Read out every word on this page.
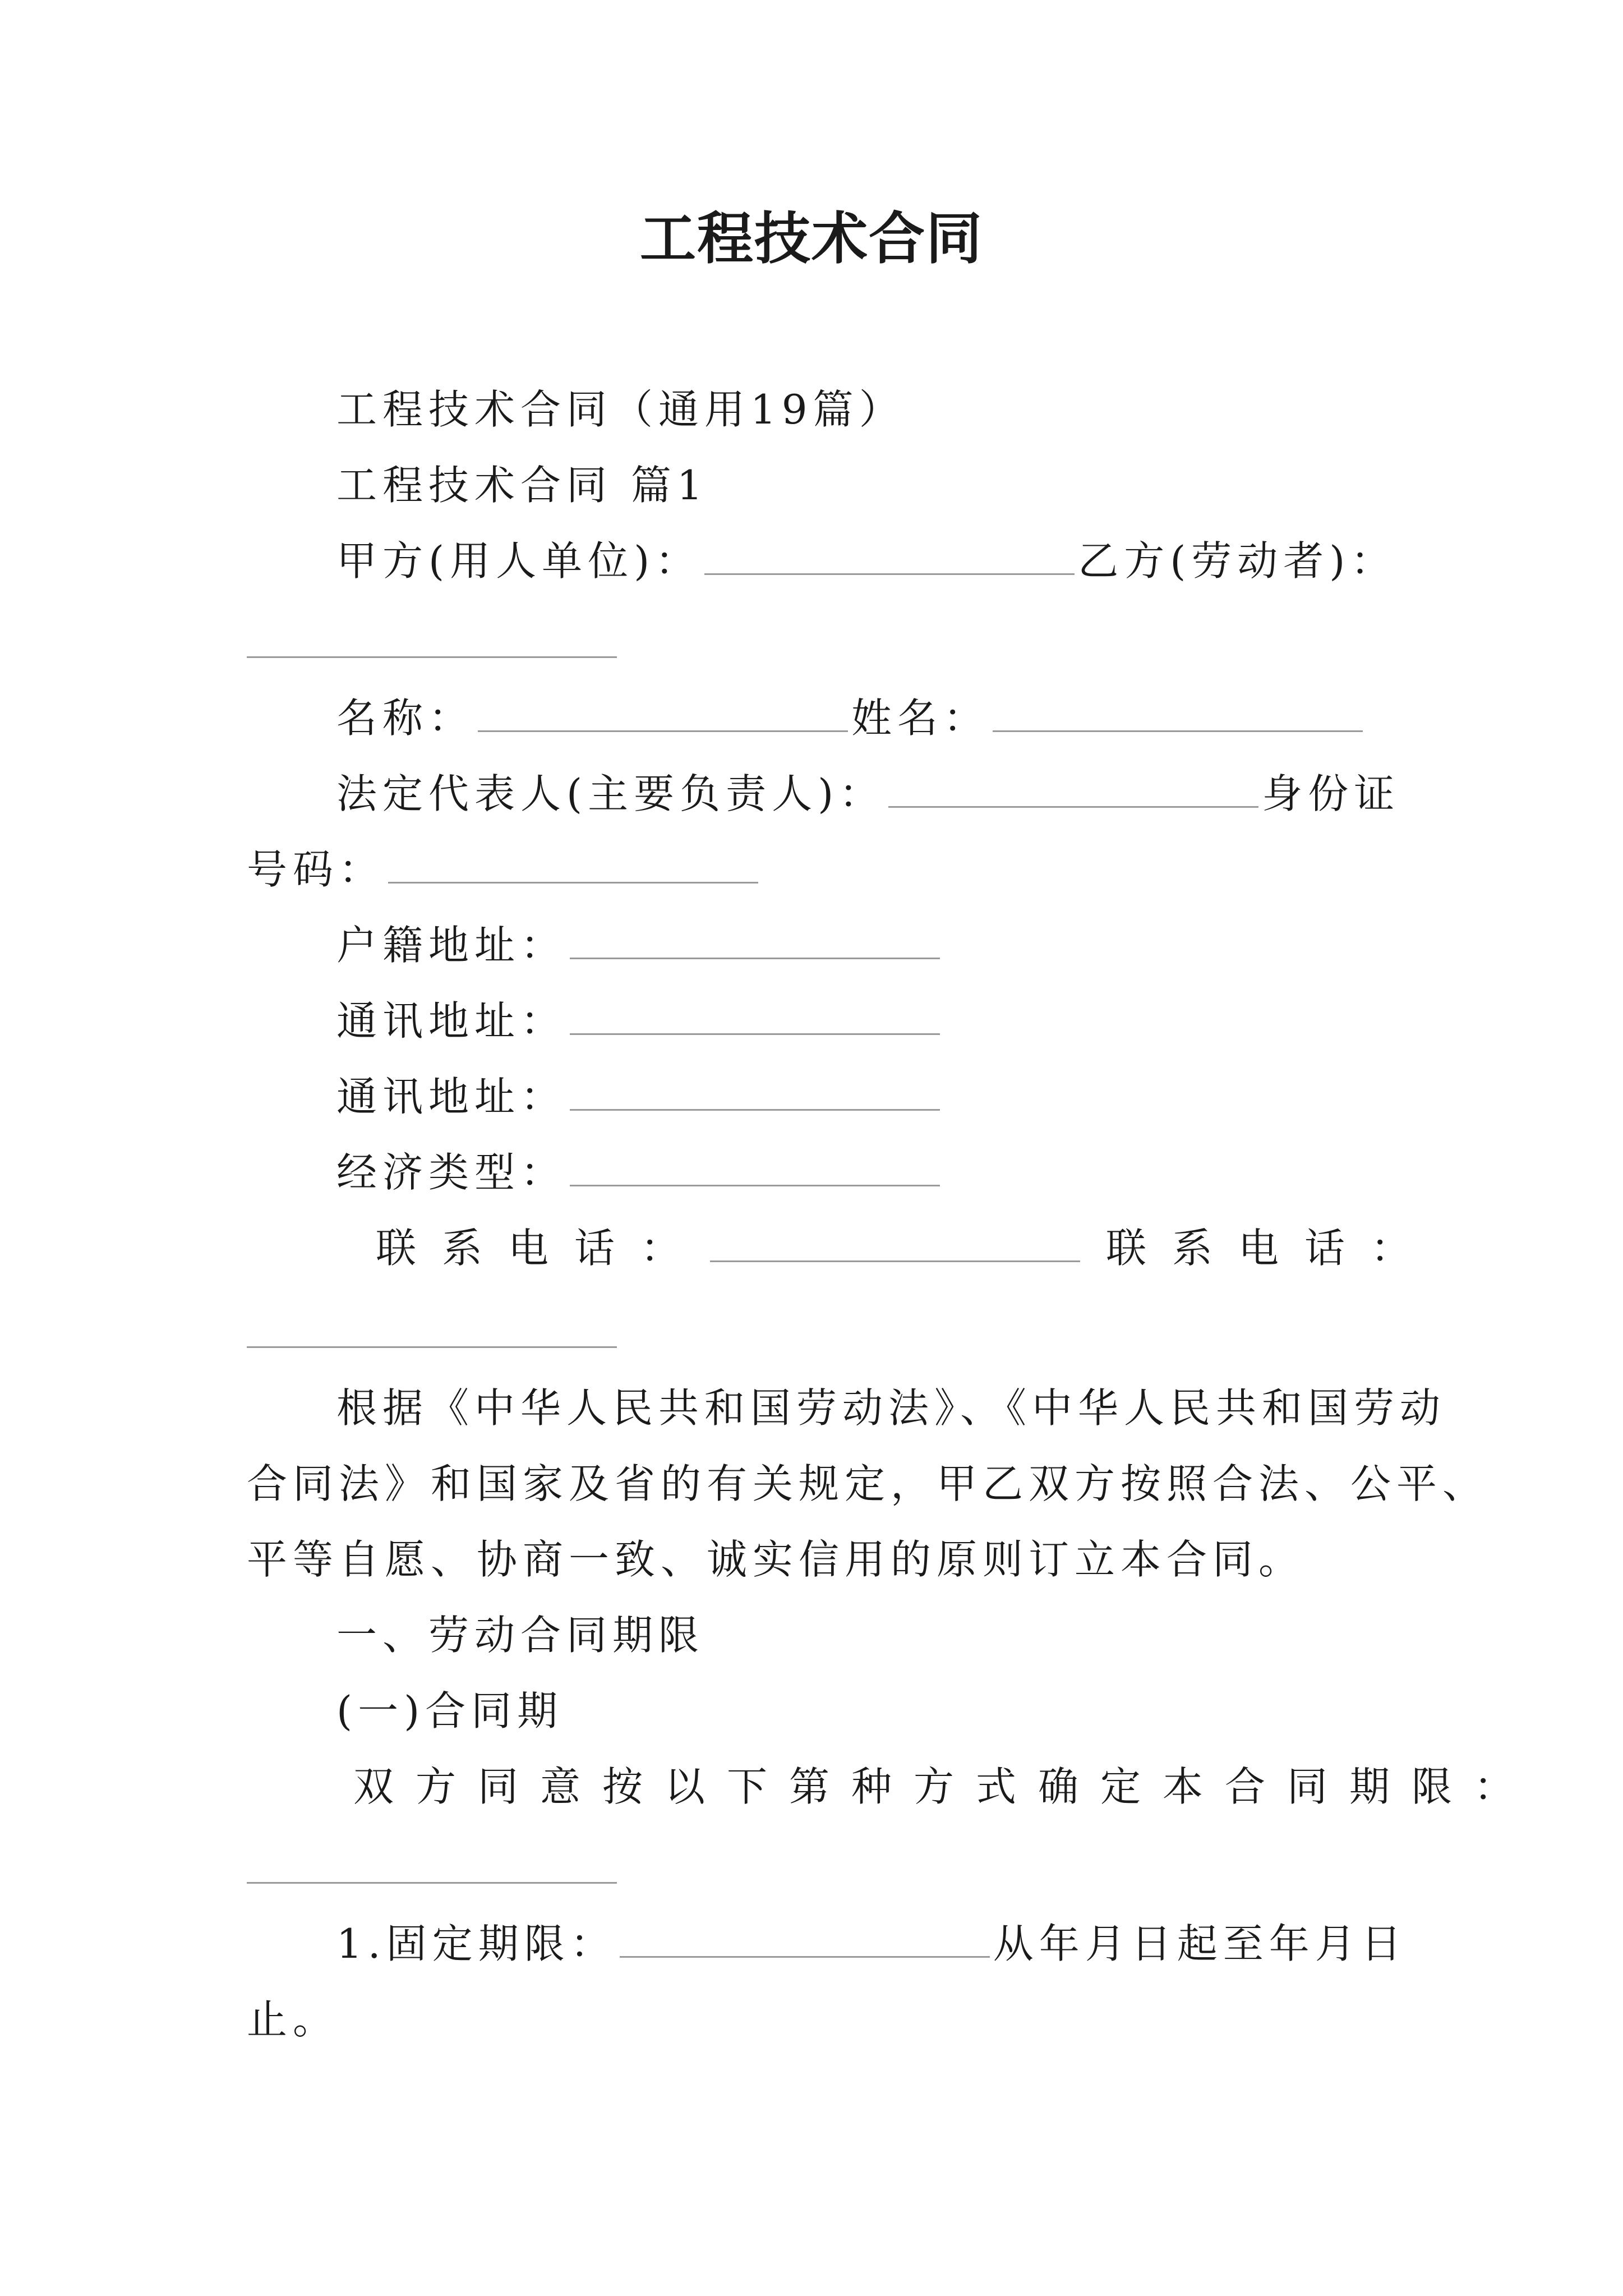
工程技术合同
工程技术合同（通用19篇）
工程技术合同 篇1
甲方(用人单位)：	乙方(劳动者)：
名称：	姓名：
法定代表人(主要负责人)：	身份证
号码：
户籍地址：
通讯地址：
通讯地址：
经济类型：
联系电话：	联系电话：
根据《中华人民共和国劳动法》、《中华人民共和国劳动
合同法》和国家及省的有关规定，甲乙双方按照合法、公平、
平等自愿、协商一致、诚实信用的原则订立本合同。
一、劳动合同期限
(一)合同期
双方同意按以下第种方式确定本合同期限：
1.固定期限：	从年月日起至年月日
止。
